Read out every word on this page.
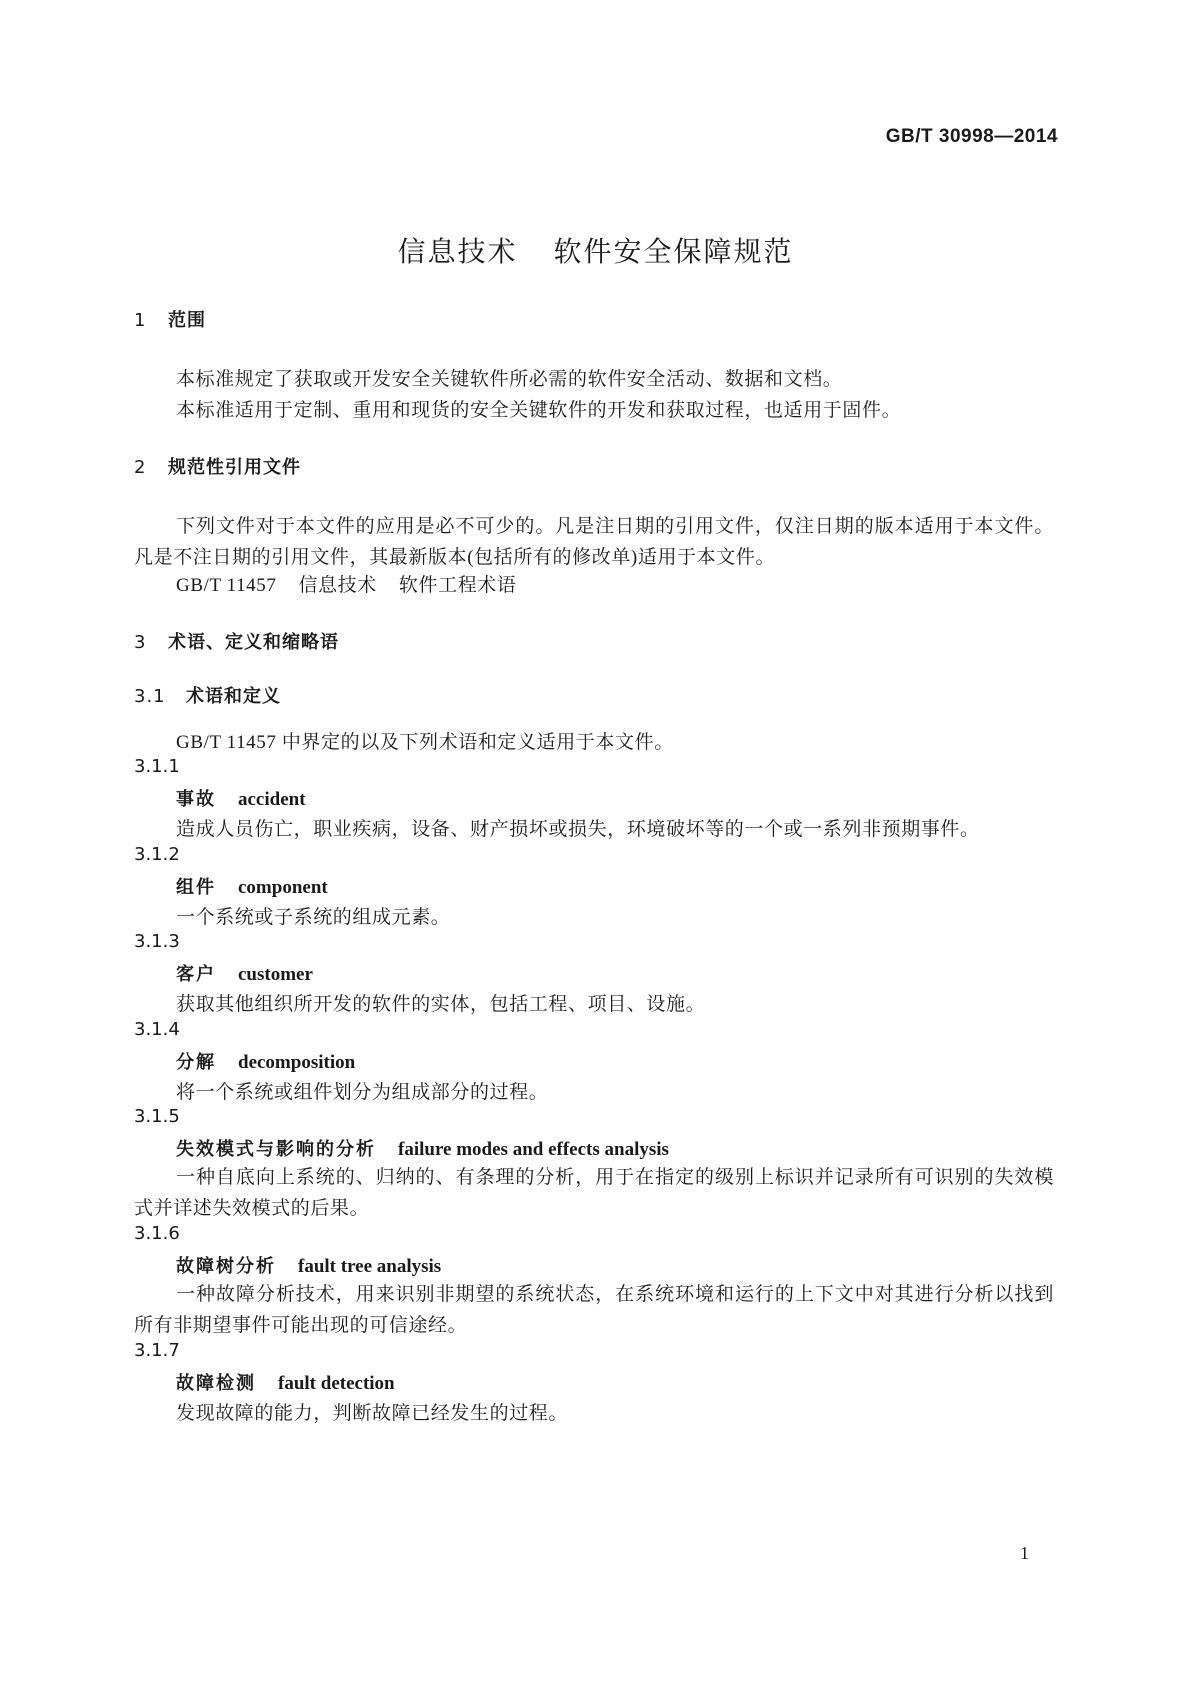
GB/T 30998—2014
信息技术 软件安全保障规范
1 范围
本标准规定了获取或开发安全关键软件所必需的软件安全活动、数据和文档。
本标准适用于定制、重用和现货的安全关键软件的开发和获取过程，也适用于固件。
2 规范性引用文件
下列文件对于本文件的应用是必不可少的。凡是注日期的引用文件，仅注日期的版本适用于本文件。凡是不注日期的引用文件，其最新版本(包括所有的修改单)适用于本文件。
GB/T 11457 信息技术 软件工程术语
3 术语、定义和缩略语
3.1 术语和定义
GB/T 11457 中界定的以及下列术语和定义适用于本文件。
3.1.1
事故 accident
造成人员伤亡，职业疾病，设备、财产损坏或损失，环境破坏等的一个或一系列非预期事件。
3.1.2
组件 component
一个系统或子系统的组成元素。
3.1.3
客户 customer
获取其他组织所开发的软件的实体，包括工程、项目、设施。
3.1.4
分解 decomposition
将一个系统或组件划分为组成部分的过程。
3.1.5
失效模式与影响的分析 failure modes and effects analysis
一种自底向上系统的、归纳的、有条理的分析，用于在指定的级别上标识并记录所有可识别的失效模式并详述失效模式的后果。
3.1.6
故障树分析 fault tree analysis
一种故障分析技术，用来识别非期望的系统状态，在系统环境和运行的上下文中对其进行分析以找到所有非期望事件可能出现的可信途经。
3.1.7
故障检测 fault detection
发现故障的能力，判断故障已经发生的过程。
1
